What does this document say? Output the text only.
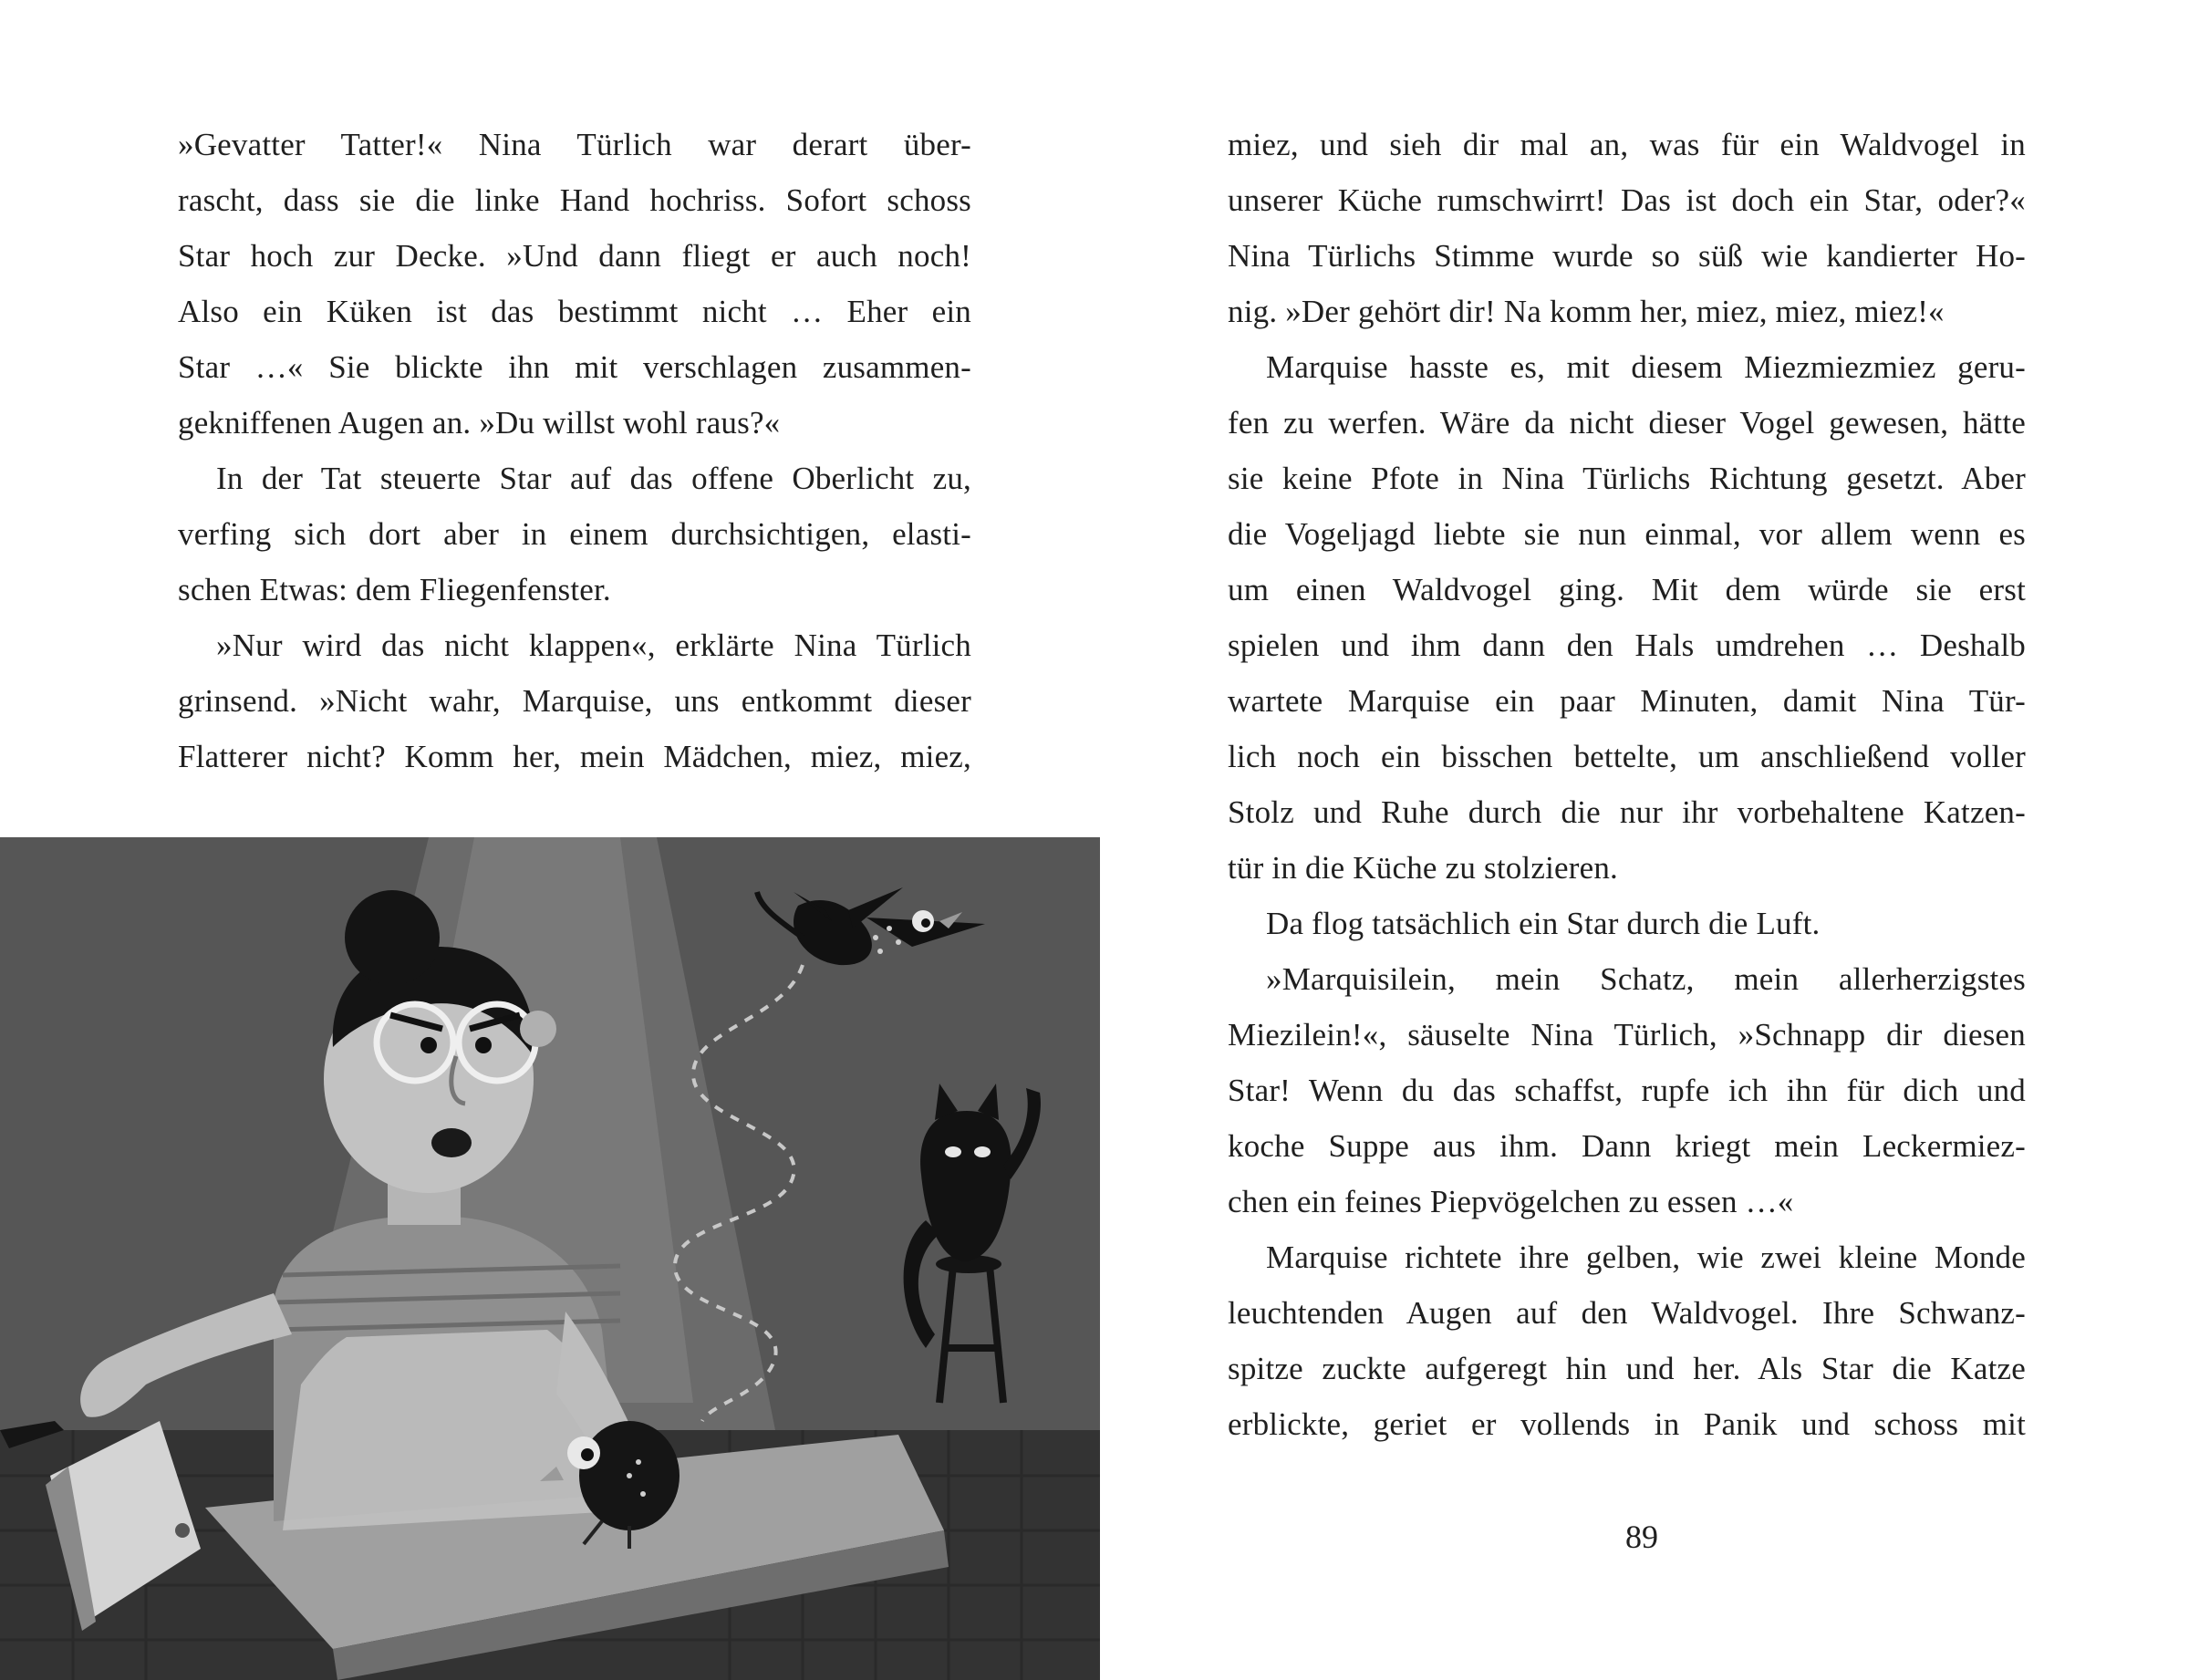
»Gevatter Tatter!« Nina Türlich war derart über-
rascht, dass sie die linke Hand hochriss. Sofort schoss
Star hoch zur Decke. »Und dann fliegt er auch noch!
Also ein Küken ist das bestimmt nicht … Eher ein
Star …« Sie blickte ihn mit verschlagen zusammen-
gekniffenen Augen an. »Du willst wohl raus?«
In der Tat steuerte Star auf das offene Oberlicht zu,
verfing sich dort aber in einem durchsichtigen, elasti-
schen Etwas: dem Fliegenfenster.
»Nur wird das nicht klappen«, erklärte Nina Türlich
grinsend. »Nicht wahr, Marquise, uns entkommt dieser
Flatterer nicht? Komm her, mein Mädchen, miez, miez,
miez, und sieh dir mal an, was für ein Waldvogel in
unserer Küche rumschwirrt! Das ist doch ein Star, oder?«
Nina Türlichs Stimme wurde so süß wie kandierter Ho-
nig. »Der gehört dir! Na komm her, miez, miez, miez!«
Marquise hasste es, mit diesem Miezmiezmiez geru-
fen zu werfen. Wäre da nicht dieser Vogel gewesen, hätte
sie keine Pfote in Nina Türlichs Richtung gesetzt. Aber
die Vogeljagd liebte sie nun einmal, vor allem wenn es
um einen Waldvogel ging. Mit dem würde sie erst
spielen und ihm dann den Hals umdrehen … Deshalb
wartete Marquise ein paar Minuten, damit Nina Tür-
lich noch ein bisschen bettelte, um anschließend voller
Stolz und Ruhe durch die nur ihr vorbehaltene Katzen-
tür in die Küche zu stolzieren.
Da flog tatsächlich ein Star durch die Luft.
»Marquisilein, mein Schatz, mein allerherzigstes
Miezilein!«, säuselte Nina Türlich, »Schnapp dir diesen
Star! Wenn du das schaffst, rupfe ich ihn für dich und
koche Suppe aus ihm. Dann kriegt mein Leckermiez-
chen ein feines Piepvögelchen zu essen …«
Marquise richtete ihre gelben, wie zwei kleine Monde
leuchtenden Augen auf den Waldvogel. Ihre Schwanz-
spitze zuckte aufgeregt hin und her. Als Star die Katze
erblickte, geriet er vollends in Panik und schoss mit
89
